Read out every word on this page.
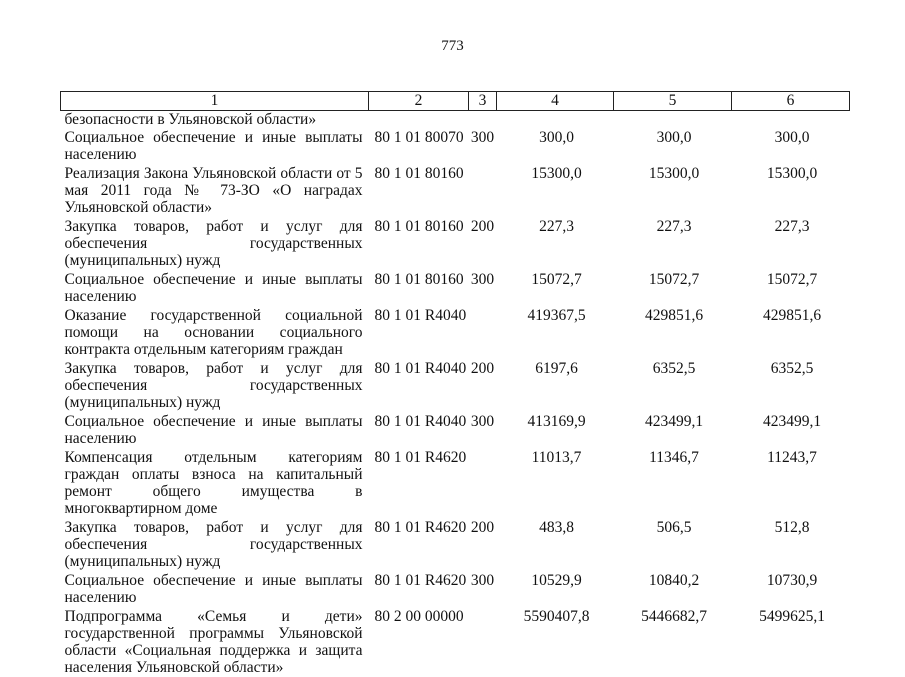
773
1	2	3	4	5	6
безопасности в Ульяновской области»					
Социальное обеспечение и иные выплаты населению	80 1 01 80070	300	300,0	300,0	300,0
Реализация Закона Ульяновской области от 5 мая 2011 года № 73-ЗО «О наградах Ульяновской области»	80 1 01 80160		15300,0	15300,0	15300,0
Закупка товаров, работ и услуг для обеспечения государственных (муниципальных) нужд	80 1 01 80160	200	227,3	227,3	227,3
Социальное обеспечение и иные выплаты населению	80 1 01 80160	300	15072,7	15072,7	15072,7
Оказание государственной социальной помощи на основании социального контракта отдельным категориям граждан	80 1 01 R4040		419367,5	429851,6	429851,6
Закупка товаров, работ и услуг для обеспечения государственных (муниципальных) нужд	80 1 01 R4040	200	6197,6	6352,5	6352,5
Социальное обеспечение и иные выплаты населению	80 1 01 R4040	300	413169,9	423499,1	423499,1
Компенсация отдельным категориям граждан оплаты взноса на капитальный ремонт общего имущества в многоквартирном доме	80 1 01 R4620		11013,7	11346,7	11243,7
Закупка товаров, работ и услуг для обеспечения государственных (муниципальных) нужд	80 1 01 R4620	200	483,8	506,5	512,8
Социальное обеспечение и иные выплаты населению	80 1 01 R4620	300	10529,9	10840,2	10730,9
Подпрограмма «Семья и дети» государственной программы Ульяновской области «Социальная поддержка и защита населения Ульяновской области»	80 2 00 00000		5590407,8	5446682,7	5499625,1
